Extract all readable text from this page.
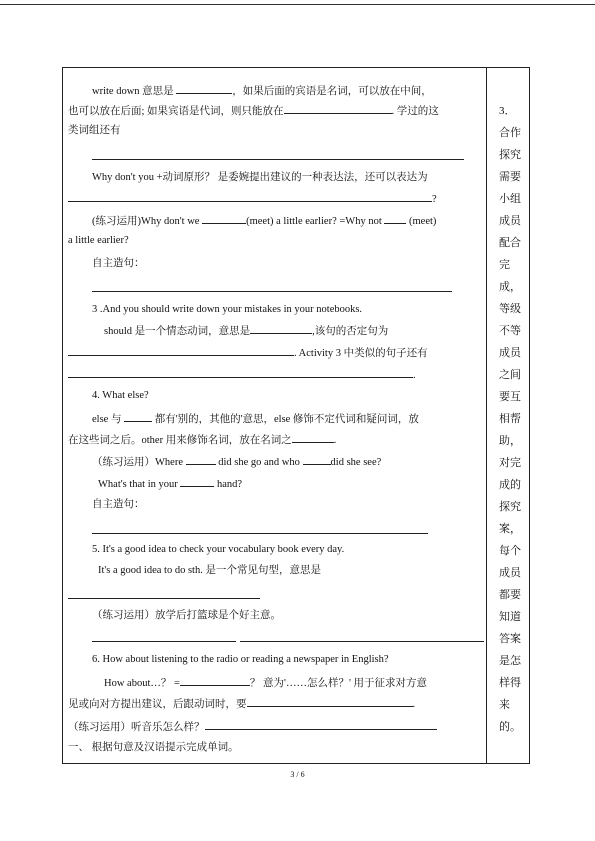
write down 意思是	，如果后面的宾语是名词，可以放在中间，
也可以放在后面; 如果宾语是代词，则只能放在	. 学过的这
类词组还有
Why don't you +动词原形？ 是委婉提出建议的一种表达法，还可以表达为
?
(练习运用)Why don't we	(meet) a little earlier? =Why not	(meet)
a little earlier?
自主造句：
3 .And you should write down your mistakes in your notebooks.
should 是一个情态动词，意思是	,该句的否定句为
. Activity 3 中类似的句子还有
.
4. What else?
else 与	都有'别的，其他的'意思，else 修饰不定代词和疑问词，放
在这些词之后。other 用来修饰名词，放在名词之	.
（练习运用）Where	did she go and who	did she see?
What's that in your	hand?
自主造句：
5. It's a good idea to check your vocabulary book every day.
It's a good idea to do sth. 是一个常见句型，意思是
（练习运用）放学后打篮球是个好主意。
6. How about listening to the radio or reading a newspaper in English?
How about…？ =	？ 意为'……怎么样？' 用于征求对方意
见或向对方提出建议，后跟动词时，要	.
（练习运用）听音乐怎么样？
一、 根据句意及汉语提示完成单词。
3．合作探究需要小组成员配合完成，等级不等成员之间要互相帮助，对完成的探究案，每个成员都要知道答案是怎样得来的。
3 / 6
